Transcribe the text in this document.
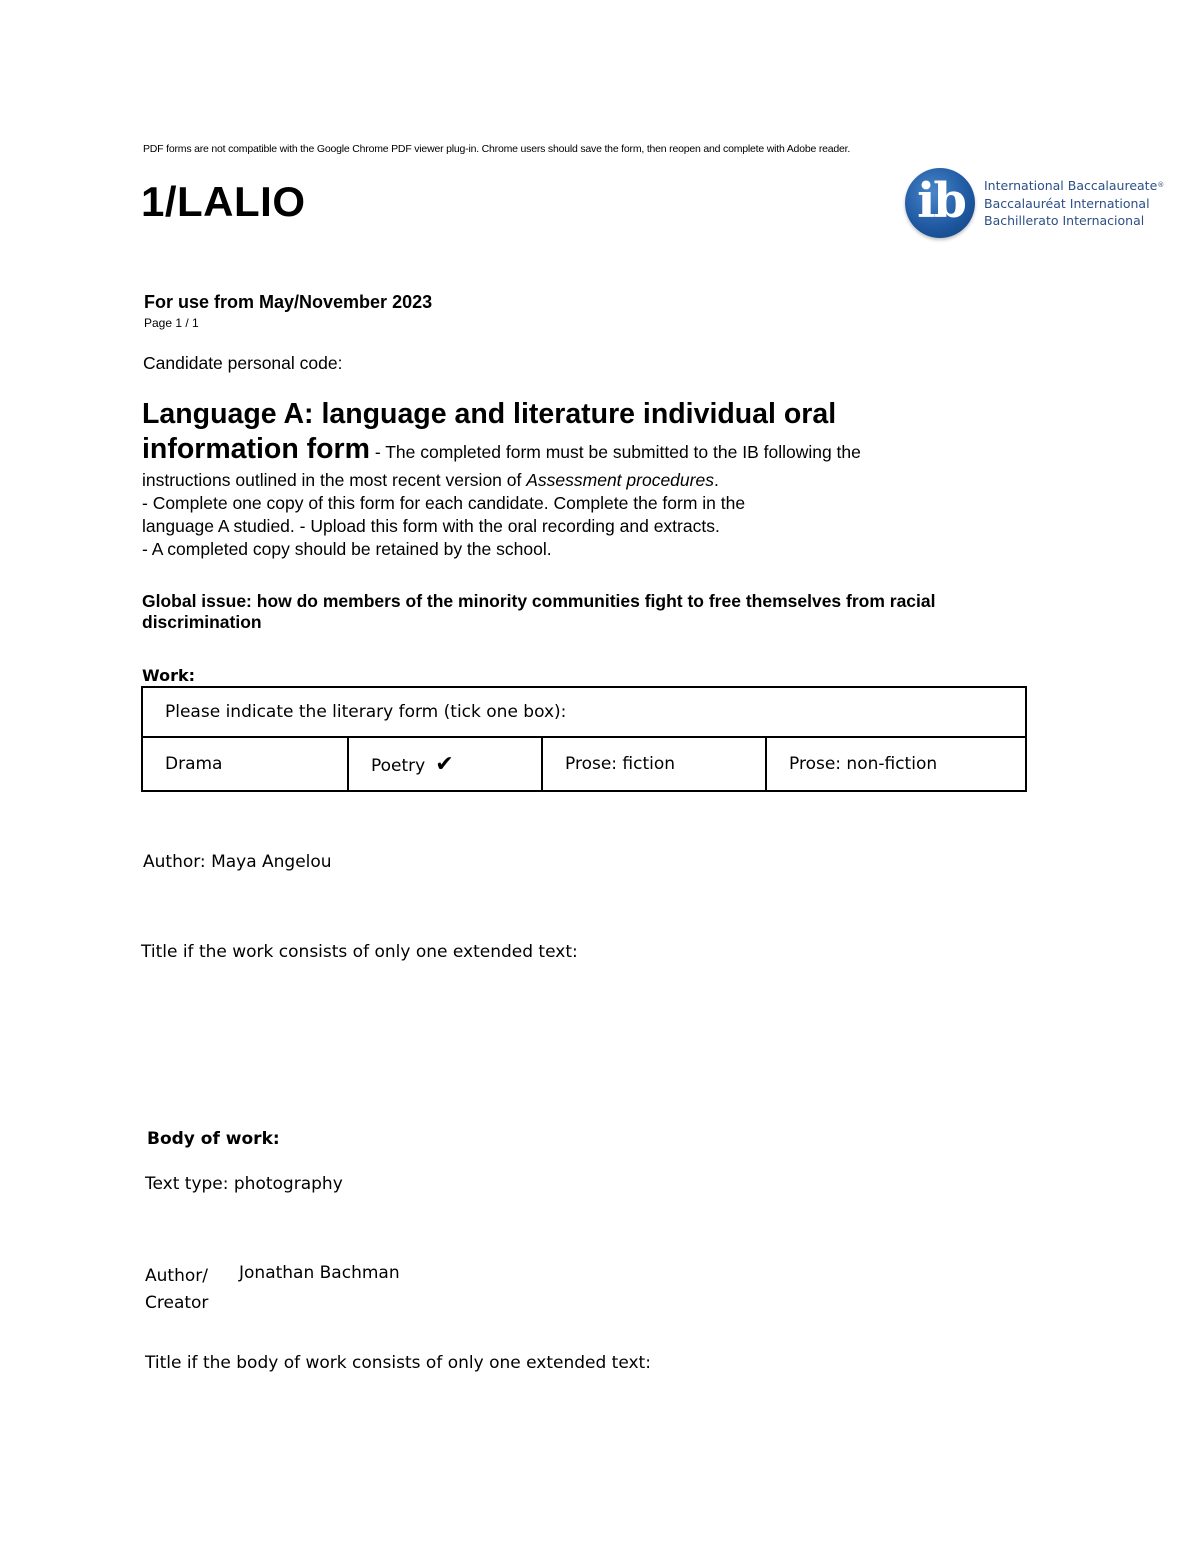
PDF forms are not compatible with the Google Chrome PDF viewer plug-in. Chrome users should save the form, then reopen and complete with Adobe reader.
1/LALIO	ib International Baccalaureate®
Baccalauréat International
Bachillerato Internacional
For use from May/November 2023
Page 1 / 1
Candidate personal code:
Language A: language and literature individual oral
information form - The completed form must be submitted to the IB following the
instructions outlined in the most recent version of Assessment procedures.
- Complete one copy of this form for each candidate. Complete the form in the
language A studied. - Upload this form with the oral recording and extracts.
- A completed copy should be retained by the school.
Global issue: how do members of the minority communities fight to free themselves from racial discrimination
Work:
Please indicate the literary form (tick one box):
Drama	Poetry ✔	Prose: fiction	Prose: non-fiction
Author: Maya Angelou
Title if the work consists of only one extended text:
Body of work:
Text type: photography
Author/
Creator
Jonathan Bachman
Title if the body of work consists of only one extended text:
